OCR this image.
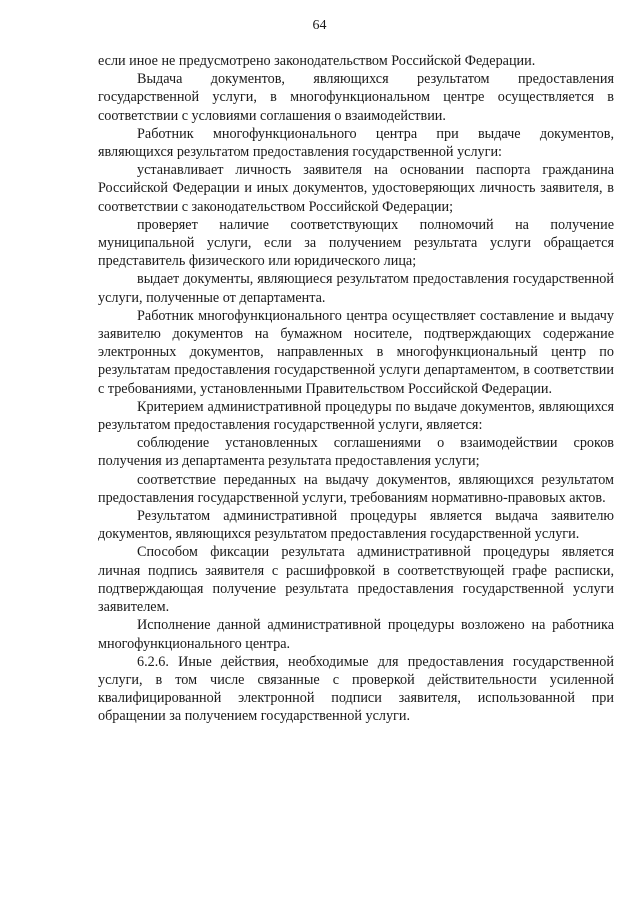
64

если иное не предусмотрено законодательством Российской Федерации.

Выдача документов, являющихся результатом предоставления государственной услуги, в многофункциональном центре осуществляется в соответствии с условиями соглашения о взаимодействии.

Работник многофункционального центра при выдаче документов, являющихся результатом предоставления государственной услуги:

устанавливает личность заявителя на основании паспорта гражданина Российской Федерации и иных документов, удостоверяющих личность заявителя, в соответствии с законодательством Российской Федерации;

проверяет наличие соответствующих полномочий на получение муниципальной услуги, если за получением результата услуги обращается представитель физического или юридического лица;

выдает документы, являющиеся результатом предоставления государственной услуги, полученные от департамента.

Работник многофункционального центра осуществляет составление и выдачу заявителю документов на бумажном носителе, подтверждающих содержание электронных документов, направленных в многофункциональный центр по результатам предоставления государственной услуги департаментом, в соответствии с требованиями, установленными Правительством Российской Федерации.

Критерием административной процедуры по выдаче документов, являющихся результатом предоставления государственной услуги, является:

соблюдение установленных соглашениями о взаимодействии сроков получения из департамента результата предоставления услуги;

соответствие переданных на выдачу документов, являющихся результатом предоставления государственной услуги, требованиям нормативно-правовых актов.

Результатом административной процедуры является выдача заявителю документов, являющихся результатом предоставления государственной услуги.

Способом фиксации результата административной процедуры является личная подпись заявителя с расшифровкой в соответствующей графе расписки, подтверждающая получение результата предоставления государственной услуги заявителем.

Исполнение данной административной процедуры возложено на работника многофункционального центра.

6.2.6. Иные действия, необходимые для предоставления государственной услуги, в том числе связанные с проверкой действительности усиленной квалифицированной электронной подписи заявителя, использованной при обращении за получением государственной услуги.
